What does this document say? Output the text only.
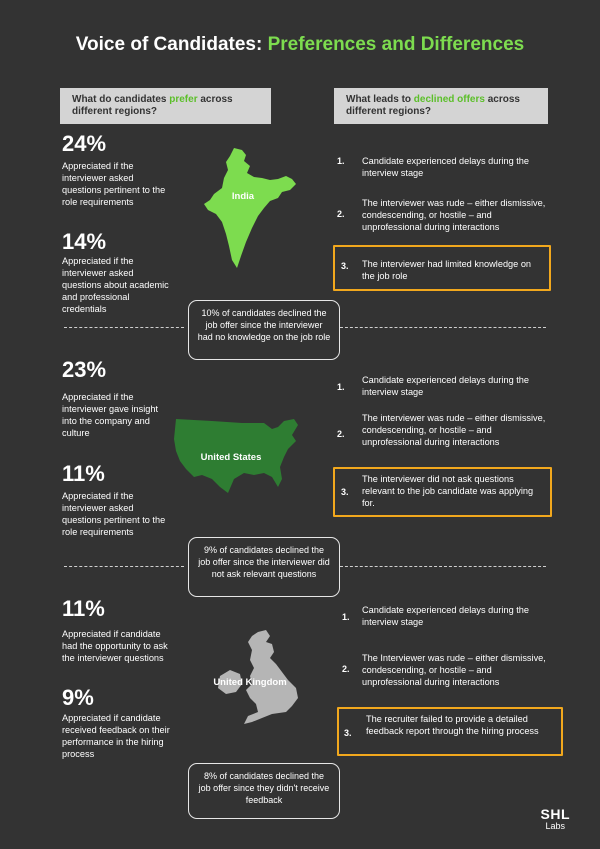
Voice of Candidates: Preferences and Differences
What do candidates prefer across different regions?
What leads to declined offers across different regions?
24%
Appreciated if the interviewer asked questions pertinent to the role requirements
14%
Appreciated if the interviewer asked questions about academic and professional credentials
India
1. Candidate experienced delays during the interview stage
2.
The interviewer was rude – either dismissive, condescending, or hostile – and unprofessional during interactions
3. The interviewer had limited knowledge on the job role
10% of candidates declined the job offer since the interviewer had no knowledge on the job role
23%
Appreciated if the interviewer gave insight into the company and culture
11%
Appreciated if the interviewer asked questions pertinent to the role requirements
United States
1.
Candidate experienced delays during the interview stage
2.
The interviewer was rude – either dismissive, condescending, or hostile – and unprofessional during interactions
3.
The interviewer did not ask questions relevant to the job candidate was applying for.
9% of candidates declined the job offer since the interviewer did not ask relevant questions
11%
Appreciated if candidate had the opportunity to ask the interviewer questions
9%
Appreciated if candidate received feedback on their performance in the hiring process
United Kingdom
1.
Candidate experienced delays during the interview stage
2.
The Interviewer was rude – either dismissive, condescending, or hostile – and unprofessional during interactions
3.
The recruiter failed to provide a detailed feedback report through the hiring process
8% of candidates declined the job offer since they didn't receive feedback
SHL
Labs
